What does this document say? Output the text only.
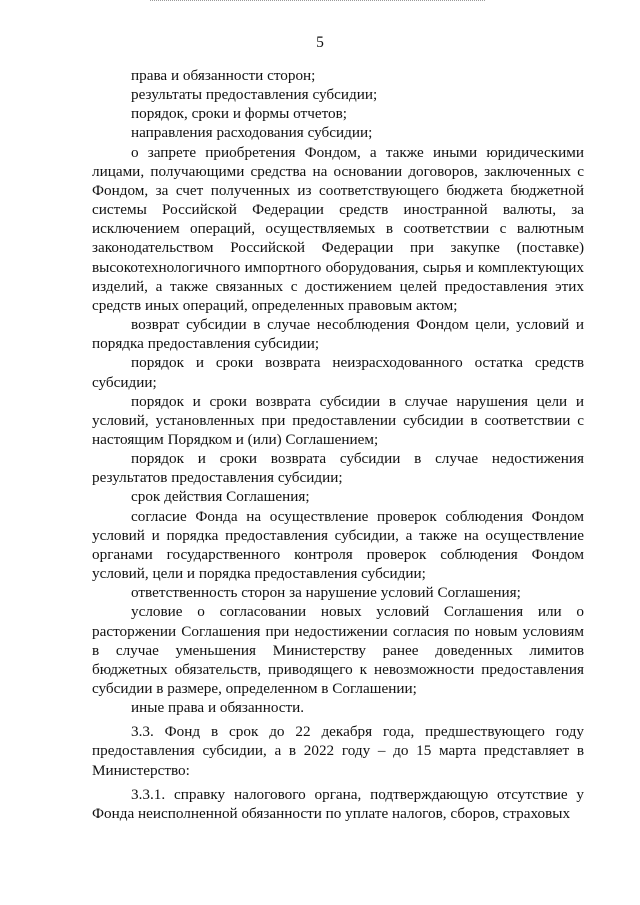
5

права и обязанности сторон;

результаты предоставления субсидии;

порядок, сроки и формы отчетов;

направления расходования субсидии;

о запрете приобретения Фондом, а также иными юридическими лицами, получающими средства на основании договоров, заключенных с Фондом, за счет полученных из соответствующего бюджета бюджетной системы Российской Федерации средств иностранной валюты, за исключением операций, осуществляемых в соответствии с валютным законодательством Российской Федерации при закупке (поставке) высокотехнологичного импортного оборудования, сырья и комплектующих изделий, а также связанных с достижением целей предоставления этих средств иных операций, определенных правовым актом;

возврат субсидии в случае несоблюдения Фондом цели, условий и порядка предоставления субсидии;

порядок и сроки возврата неизрасходованного остатка средств субсидии;

порядок и сроки возврата субсидии в случае нарушения цели и условий, установленных при предоставлении субсидии в соответствии с настоящим Порядком и (или) Соглашением;

порядок и сроки возврата субсидии в случае недостижения результатов предоставления субсидии;

срок действия Соглашения;

согласие Фонда на осуществление проверок соблюдения Фондом условий и порядка предоставления субсидии, а также на осуществление органами государственного контроля проверок соблюдения Фондом условий, цели и порядка предоставления субсидии;

ответственность сторон за нарушение условий Соглашения;

условие о согласовании новых условий Соглашения или о расторжении Соглашения при недостижении согласия по новым условиям в случае уменьшения Министерству ранее доведенных лимитов бюджетных обязательств, приводящего к невозможности предоставления субсидии в размере, определенном в Соглашении;

иные права и обязанности.

3.3. Фонд в срок до 22 декабря года, предшествующего году предоставления субсидии, а в 2022 году – до 15 марта представляет в Министерство:

3.3.1. справку налогового органа, подтверждающую отсутствие у Фонда неисполненной обязанности по уплате налогов, сборов, страховых
